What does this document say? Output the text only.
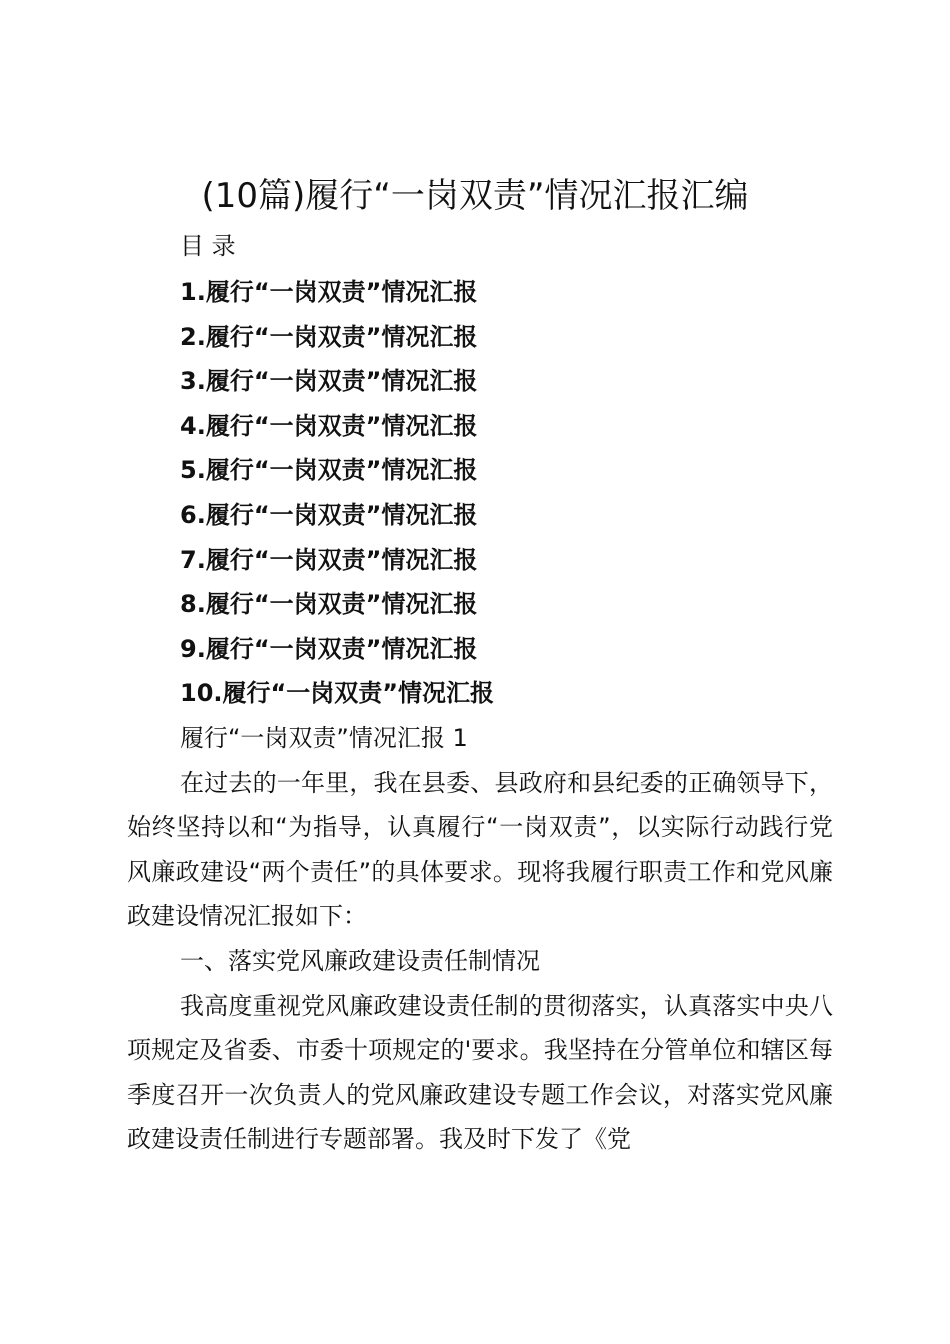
(10篇)履行“一岗双责”情况汇报汇编

目 录

1.履行“一岗双责”情况汇报
2.履行“一岗双责”情况汇报
3.履行“一岗双责”情况汇报
4.履行“一岗双责”情况汇报
5.履行“一岗双责”情况汇报
6.履行“一岗双责”情况汇报
7.履行“一岗双责”情况汇报
8.履行“一岗双责”情况汇报
9.履行“一岗双责”情况汇报
10.履行“一岗双责”情况汇报

履行“一岗双责”情况汇报 1

在过去的一年里，我在县委、县政府和县纪委的正确领导下，始终坚持以和“为指导，认真履行“一岗双责”，以实际行动践行党风廉政建设“两个责任”的具体要求。现将我履行职责工作和党风廉政建设情况汇报如下：

一、落实党风廉政建设责任制情况

我高度重视党风廉政建设责任制的贯彻落实，认真落实中央八项规定及省委、市委十项规定的'要求。我坚持在分管单位和辖区每季度召开一次负责人的党风廉政建设专题工作会议，对落实党风廉政建设责任制进行专题部署。我及时下发了《党
